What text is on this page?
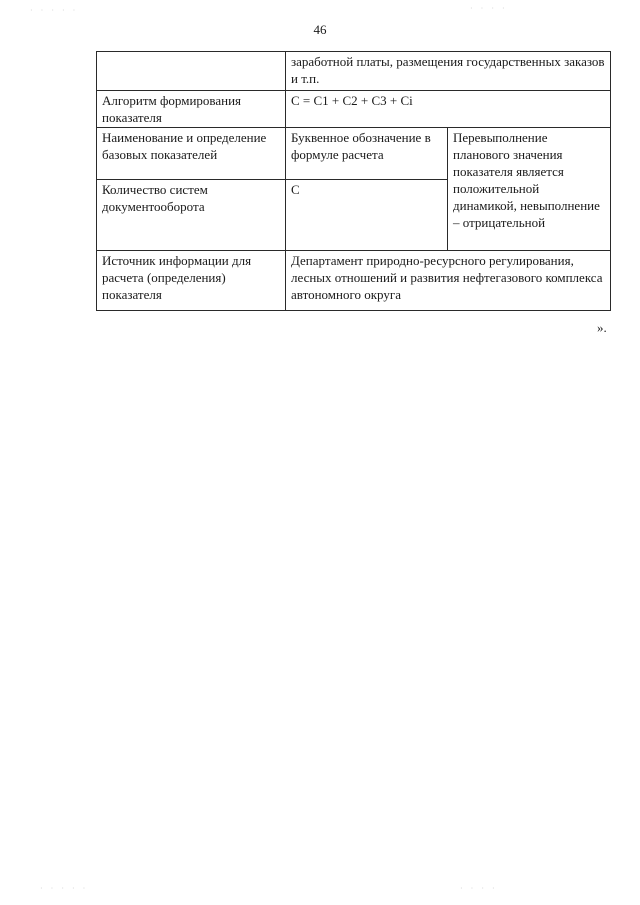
46
	заработной платы, размещения государственных заказов и т.п.	
Алгоритм формирования показателя	C = C1 + C2 + C3 + Ci	
Наименование и определение базовых показателей	Буквенное обозначение в формуле расчета	Перевыполнение планового значения показателя является положительной динамикой, невыполнение – отрицательной
Количество систем документооборота	C	
Источник информации для расчета (определения) показателя	Департамент природно-ресурсного регулирования, лесных отношений и развития нефтегазового комплекса автономного округа	
».
· · · · ·	· · · ·
· · · · ·	· · · ·
